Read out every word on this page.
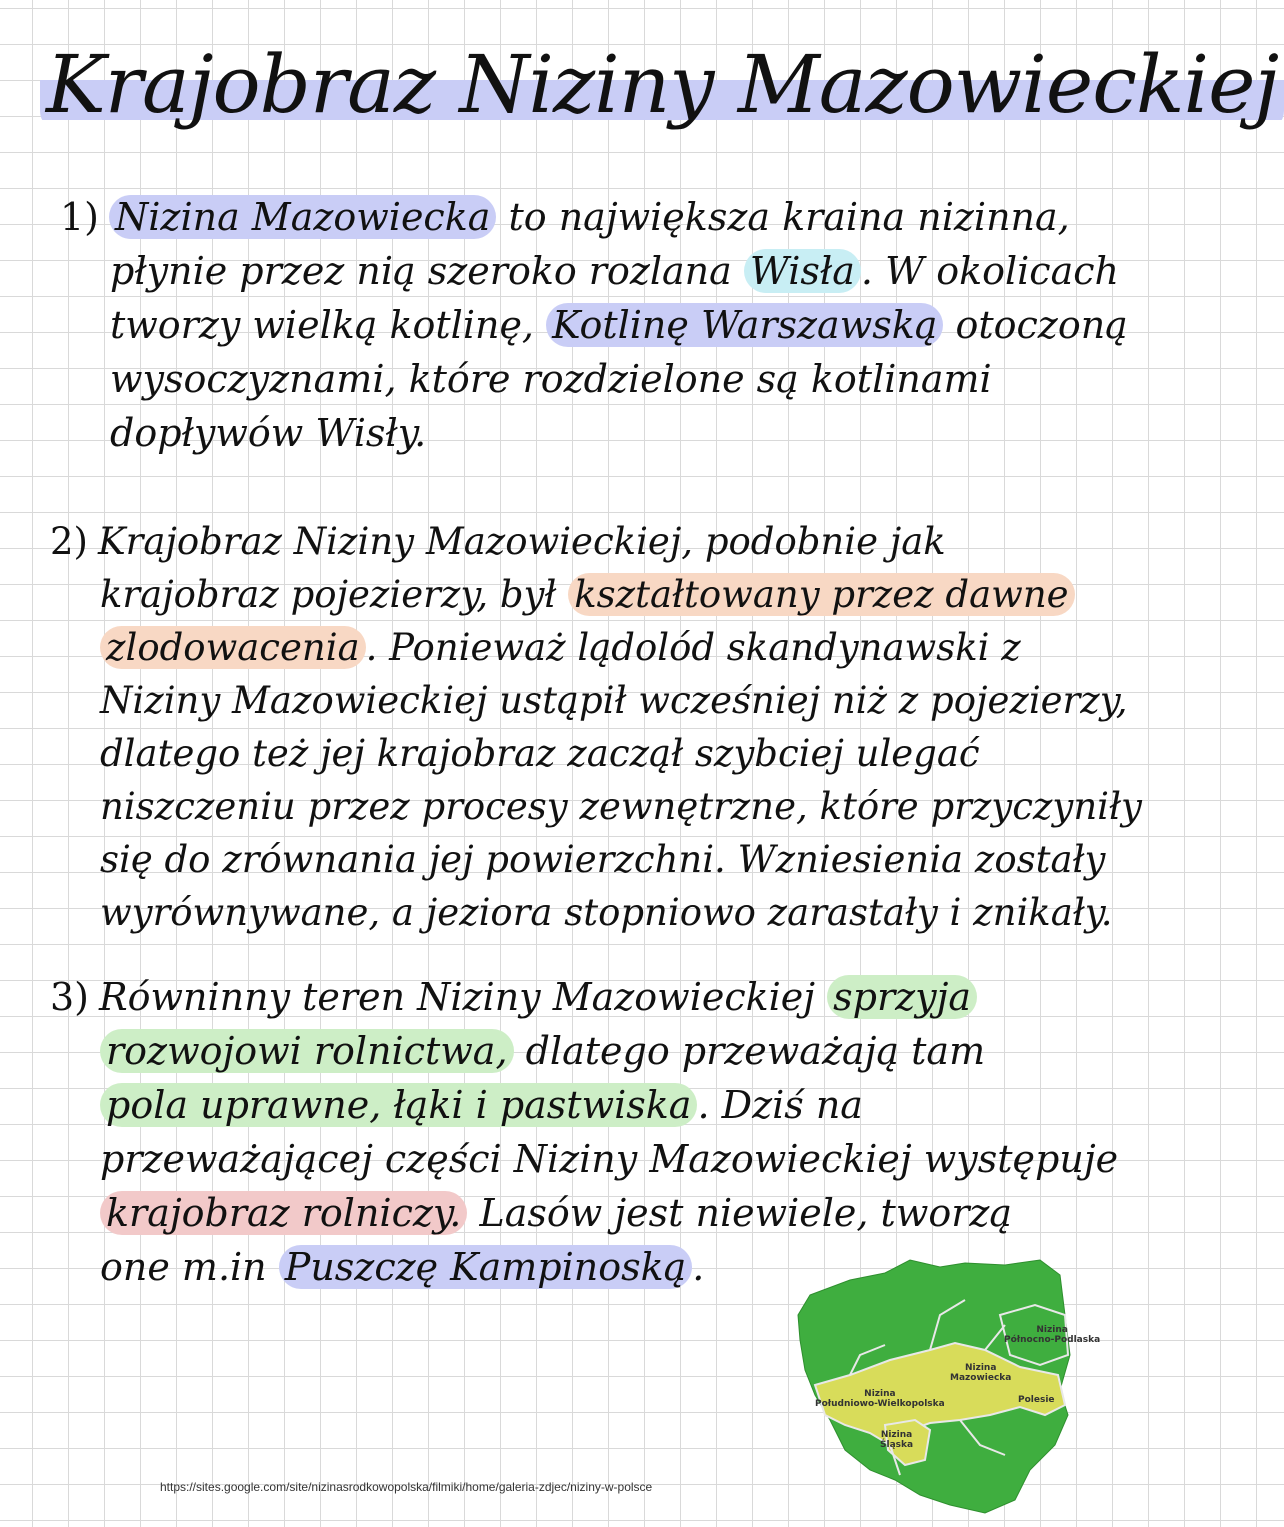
Krajobraz Niziny Mazowieckiej
1) Nizina Mazowiecka to największa kraina nizinna,
płynie przez nią szeroko rozlana Wisła . W okolicach
tworzy wielką kotlinę, Kotlinę Warszawską otoczoną
wysoczyznami, które rozdzielone są kotlinami
dopływów Wisły.
2) Krajobraz Niziny Mazowieckiej, podobnie jak
krajobraz pojezierzy, był kształtowany przez dawne
zlodowacenia . Ponieważ lądolód skandynawski z
Niziny Mazowieckiej ustąpił wcześniej niż z pojezierzy,
dlatego też jej krajobraz zaczął szybciej ulegać
niszczeniu przez procesy zewnętrzne, które przyczyniły
się do zrównania jej powierzchni. Wzniesienia zostały
wyrównywane, a jeziora stopniowo zarastały i znikały.
3) Równinny teren Niziny Mazowieckiej sprzyja
rozwojowi rolnictwa, dlatego przeważają tam
pola uprawne, łąki i pastwiska . Dziś na
przeważającej części Niziny Mazowieckiej występuje
krajobraz rolniczy. Lasów jest niewiele, tworzą
one m.in Puszczę Kampinoską .
Nizina
Północno-Podlaska
Nizina
Mazowiecka
Nizina
Południowo-Wielkopolska	Polesie
Nizina
Śląska
https://sites.google.com/site/nizinasrodkowopolska/filmiki/home/galeria-zdjec/niziny-w-polsce
